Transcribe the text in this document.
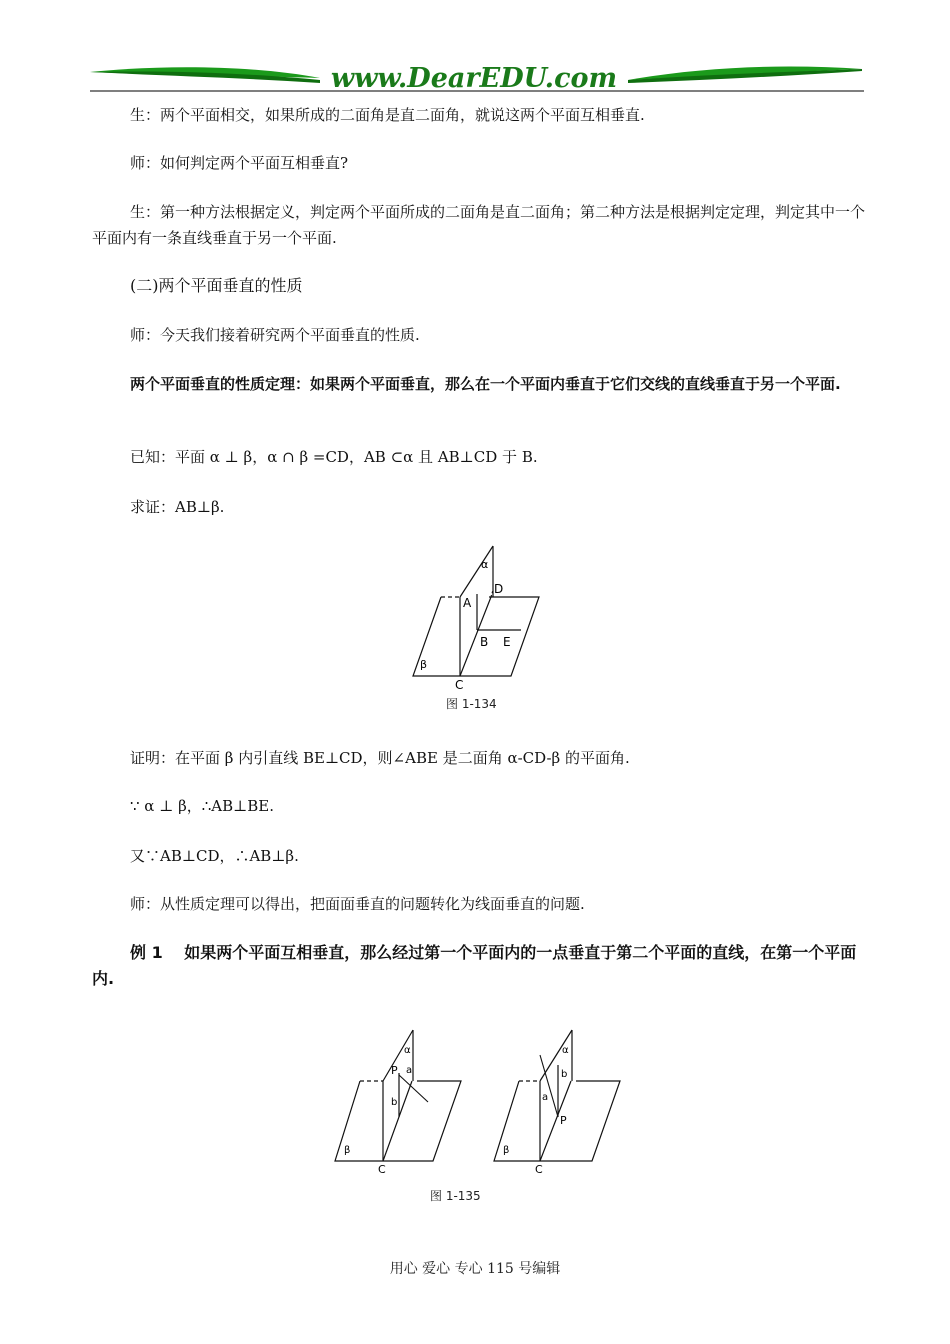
www.DearEDU.com
生：两个平面相交，如果所成的二面角是直二面角，就说这两个平面互相垂直.
师：如何判定两个平面互相垂直?
生：第一种方法根据定义，判定两个平面所成的二面角是直二面角；第二种方法是根据判定定理，判定其中一个平面内有一条直线垂直于另一个平面.
(二)两个平面垂直的性质
师：今天我们接着研究两个平面垂直的性质.
两个平面垂直的性质定理：如果两个平面垂直，那么在一个平面内垂直于它们交线的直线垂直于另一个平面.
已知：平面 α ⊥ β，α ∩ β =CD，AB ⊂α 且 AB⊥CD 于 B.
求证：AB⊥β.
α
β
A
D
B E
C
图 1-134
证明：在平面 β 内引直线 BE⊥CD，则∠ABE 是二面角 α-CD-β 的平面角.
∵ α ⊥ β，∴AB⊥BE.
又∵AB⊥CD，∴AB⊥β.
师：从性质定理可以得出，把面面垂直的问题转化为线面垂直的问题.
例 1　 如果两个平面互相垂直，那么经过第一个平面内的一点垂直于第二个平面的直线，在第一个平面内.
α
β
P a
b
C
α
β
P
a
b
C
图 1-135
用心 爱心 专心 115 号编辑
